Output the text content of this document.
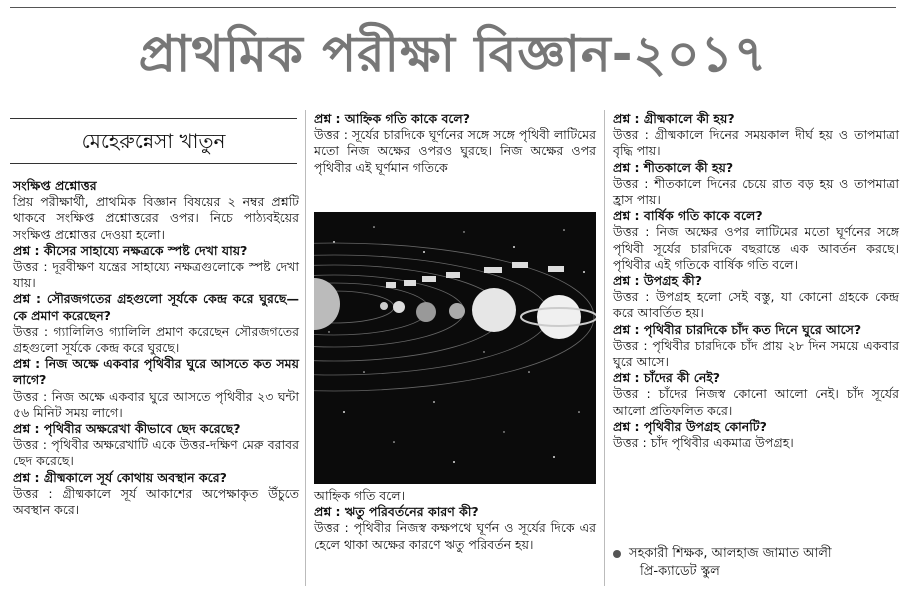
প্রাথমিক পরীক্ষা বিজ্ঞান-২০১৭
মেহেরুন্নেসা খাতুন

সংক্ষিপ্ত প্রশ্নোত্তর

প্রিয় পরীক্ষার্থী, প্রাথমিক বিজ্ঞান বিষয়ের ২ নম্বর প্রশ্নটি থাকবে সংক্ষিপ্ত প্রশ্নোত্তরের ওপর। নিচে পাঠ্যবইয়ের সংক্ষিপ্ত প্রশ্নোত্তর দেওয়া হলো।

প্রশ্ন : কীসের সাহায্যে নক্ষত্রকে স্পষ্ট দেখা যায়?

উত্তর : দূরবীক্ষণ যন্ত্রের সাহায্যে নক্ষত্রগুলোকে স্পষ্ট দেখা যায়।

প্রশ্ন : সৌরজগতের গ্রহগুলো সূর্যকে কেন্দ্র করে ঘুরছে—কে প্রমাণ করেছেন?

উত্তর : গ্যালিলিও গ্যালিলি প্রমাণ করেছেন সৌরজগতের গ্রহগুলো সূর্যকে কেন্দ্র করে ঘুরছে।

প্রশ্ন : নিজ অক্ষে একবার পৃথিবীর ঘুরে আসতে কত সময় লাগে?

উত্তর : নিজ অক্ষে একবার ঘুরে আসতে পৃথিবীর ২৩ ঘন্টা ৫৬ মিনিট সময় লাগে।

প্রশ্ন : পৃথিবীর অক্ষরেখা কীভাবে ছেদ করেছে?

উত্তর : পৃথিবীর অক্ষরেখাটি একে উত্তর-দক্ষিণ মেরু বরাবর ছেদ করেছে।

প্রশ্ন : গ্রীষ্মকালে সূর্য কোথায় অবস্থান করে?

উত্তর : গ্রীষ্মকালে সূর্য আকাশের অপেক্ষাকৃত উঁচুতে অবস্থান করে।

প্রশ্ন : আহ্নিক গতি কাকে বলে?

উত্তর : সূর্যের চারদিকে ঘূর্ণনের সঙ্গে সঙ্গে পৃথিবী লাটিমের মতো নিজ অক্ষের ওপরও ঘুরছে। নিজ অক্ষের ওপর পৃথিবীর এই ঘূর্ণমান গতিকে

আহ্নিক গতি বলে।

প্রশ্ন : ঋতু পরিবর্তনের কারণ কী?

উত্তর : পৃথিবীর নিজস্ব কক্ষপথে ঘূর্ণন ও সূর্যের দিকে এর হেলে থাকা অক্ষের কারণে ঋতু পরিবর্তন হয়।

প্রশ্ন : গ্রীষ্মকালে কী হয়?

উত্তর : গ্রীষ্মকালে দিনের সময়কাল দীর্ঘ হয় ও তাপমাত্রা বৃদ্ধি পায়।

প্রশ্ন : শীতকালে কী হয়?

উত্তর : শীতকালে দিনের চেয়ে রাত বড় হয় ও তাপমাত্রা হ্রাস পায়।

প্রশ্ন : বার্ষিক গতি কাকে বলে?

উত্তর : নিজ অক্ষের ওপর লাটিমের মতো ঘূর্ণনের সঙ্গে পৃথিবী সূর্যের চারদিকে বছরান্তে এক আবর্তন করছে। পৃথিবীর এই গতিকে বার্ষিক গতি বলে।

প্রশ্ন : উপগ্রহ কী?

উত্তর : উপগ্রহ হলো সেই বস্তু, যা কোনো গ্রহকে কেন্দ্র করে আবর্তিত হয়।

প্রশ্ন : পৃথিবীর চারদিকে চাঁদ কত দিনে ঘুরে আসে?

উত্তর : পৃথিবীর চারদিকে চাঁদ প্রায় ২৮ দিন সময়ে একবার ঘুরে আসে।

প্রশ্ন : চাঁদের কী নেই?

উত্তর : চাঁদের নিজস্ব কোনো আলো নেই। চাঁদ সূর্যের আলো প্রতিফলিত করে।

প্রশ্ন : পৃথিবীর উপগ্রহ কোনটি?

উত্তর : চাঁদ পৃথিবীর একমাত্র উপগ্রহ।

সহকারী শিক্ষক, আলহাজ জামাত আলী
প্রি-ক্যাডেট স্কুল
